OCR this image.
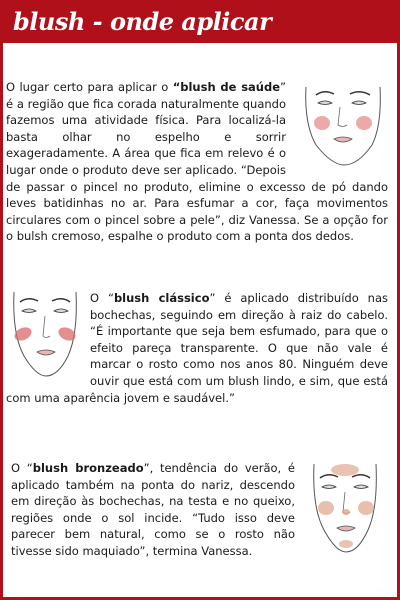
blush - onde aplicar
O lugar certo para aplicar o “blush de saúde” é a região que fica corada naturalmente quando fazemos uma atividade física. Para localizá-la basta olhar no espelho e sorrir exageradamente. A área que fica em relevo é o lugar onde o produto deve ser aplicado. “Depois de passar o pincel no produto, elimine o excesso de pó dando leves batidinhas no ar. Para esfumar a cor, faça movimentos circulares com o pincel sobre a pele”, diz Vanessa. Se a opção for o bulsh cremoso, espalhe o produto com a ponta dos dedos.
O “blush clássico” é aplicado distribuído nas bochechas, seguindo em direção à raiz do cabelo. “É importante que seja bem esfumado, para que o efeito pareça transparente. O que não vale é marcar o rosto como nos anos 80. Ninguém deve ouvir que está com um blush lindo, e sim, que está com uma aparência jovem e saudável.”
O “blush bronzeado”, tendência do verão, é aplicado também na ponta do nariz, descendo em direção às bochechas, na testa e no queixo, regiões onde o sol incide. “Tudo isso deve parecer bem natural, como se o rosto não tivesse sido maquiado”, termina Vanessa.
